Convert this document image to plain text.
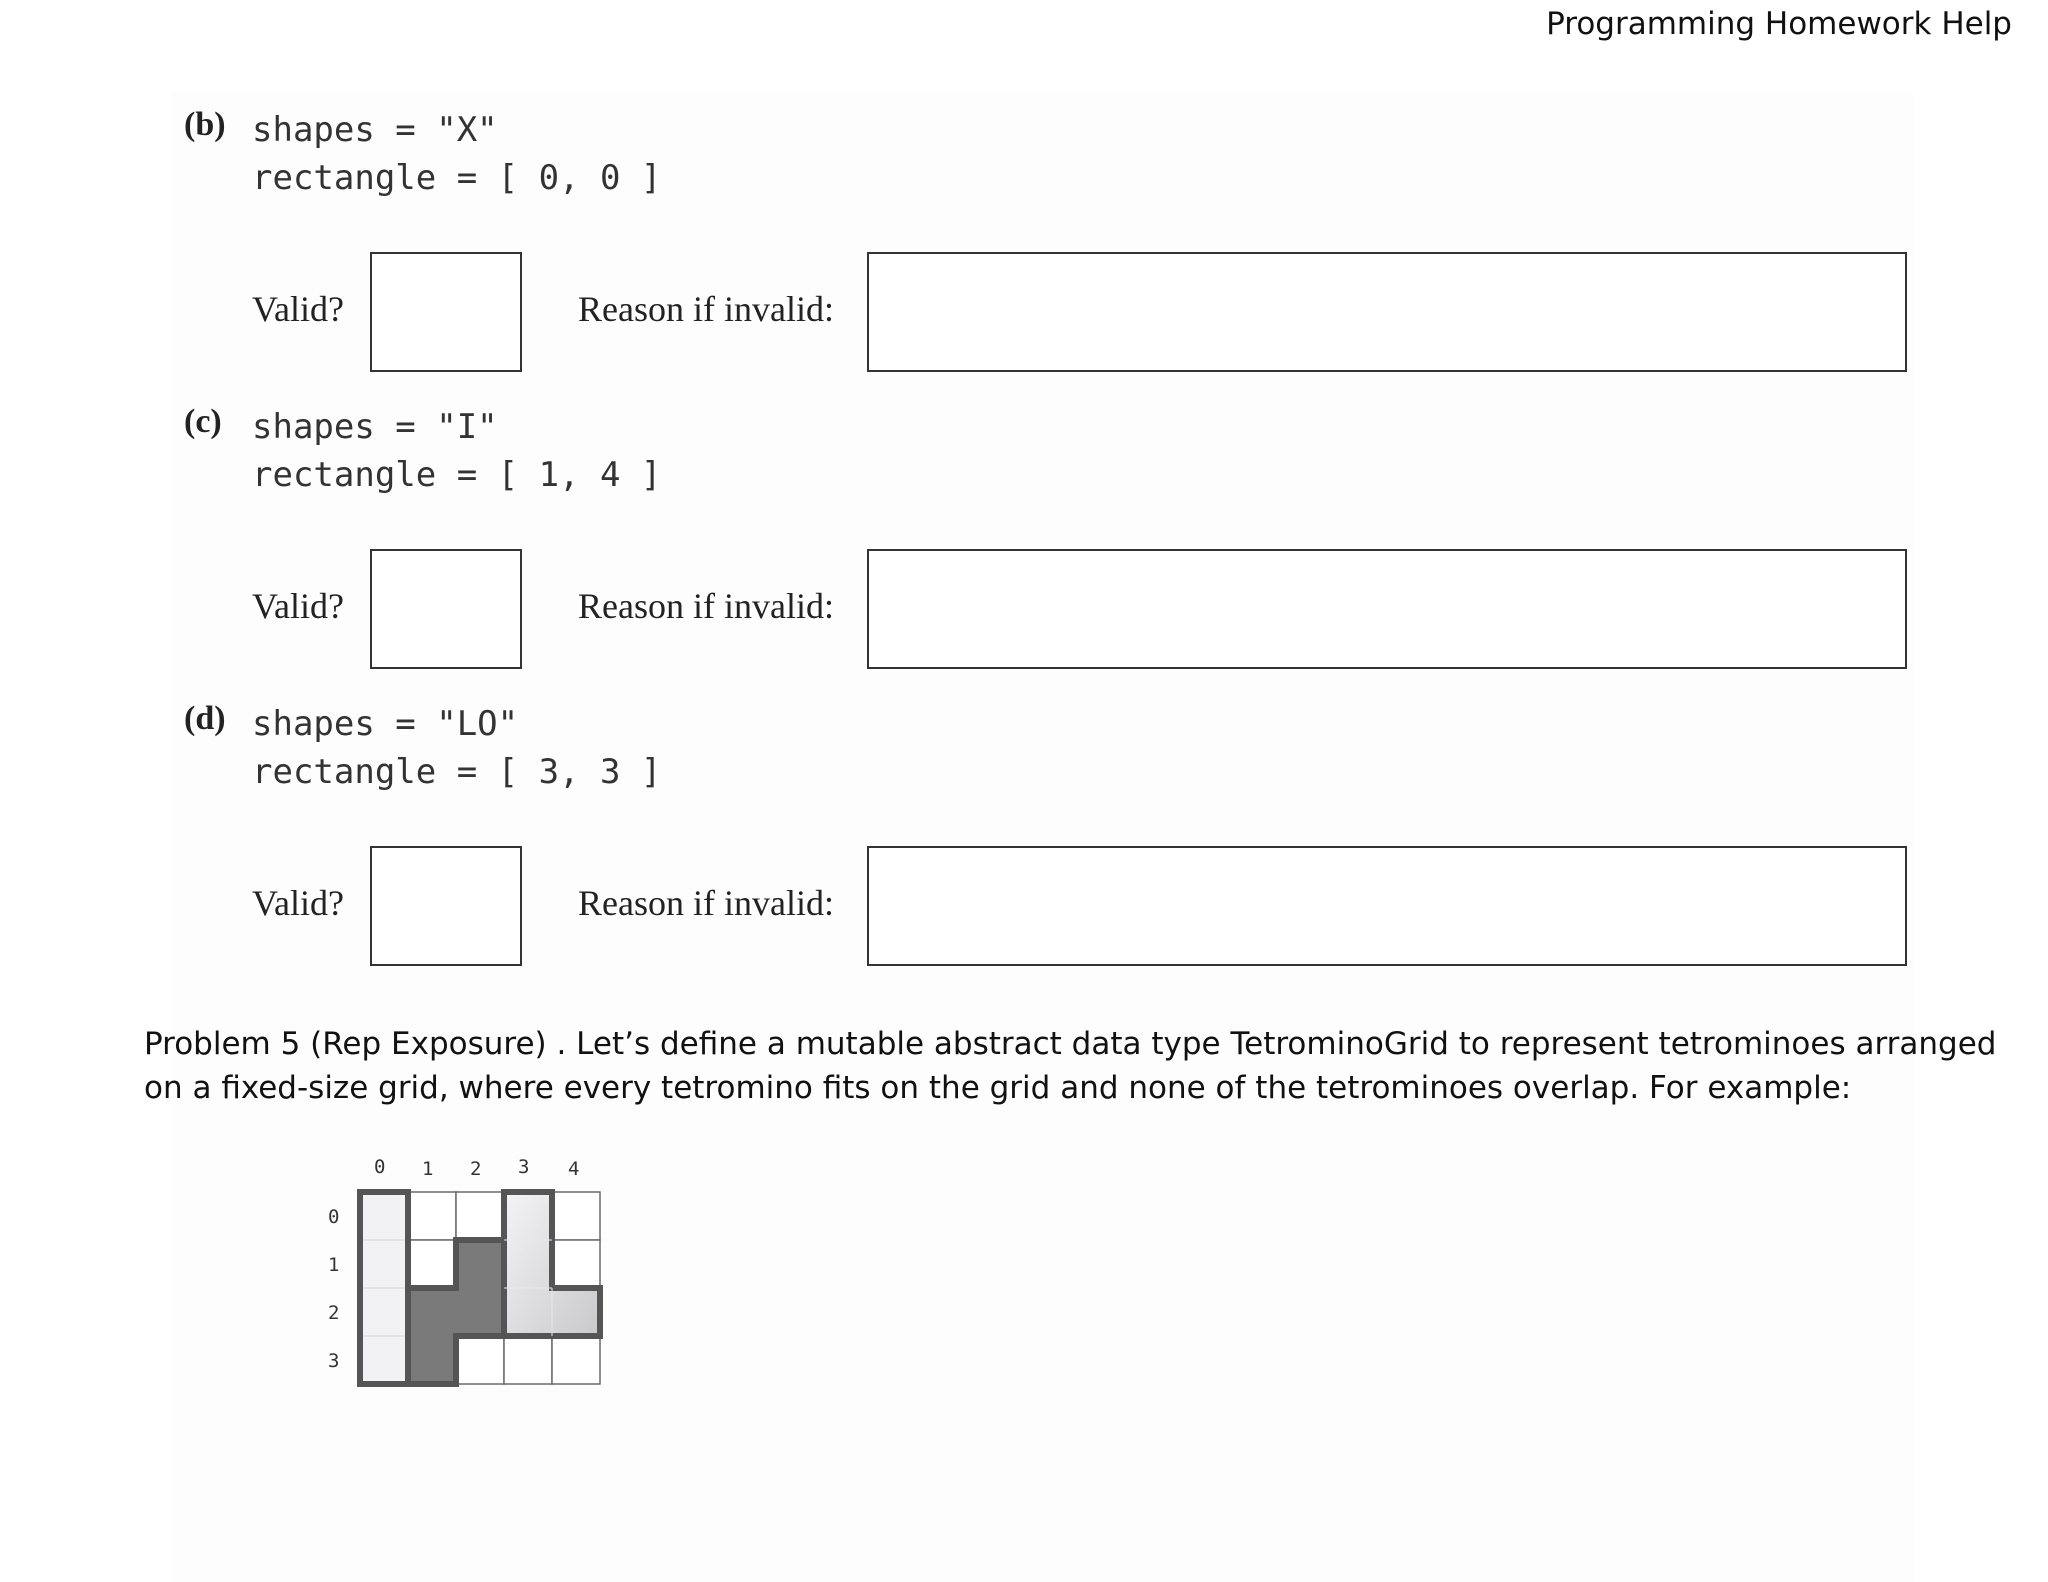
Programming Homework Help
(b) shapes = "X"
rectangle = [ 0, 0 ]
Valid?	Reason if invalid:
(c) shapes = "I"
rectangle = [ 1, 4 ]
Valid?	Reason if invalid:
(d) shapes = "LO"
rectangle = [ 3, 3 ]
Valid?	Reason if invalid:
Problem 5 (Rep Exposure) . Let’s define a mutable abstract data type TetrominoGrid to represent tetrominoes arranged on a fixed-size grid, where every tetromino fits on the grid and none of the tetrominoes overlap. For example:
0 1 2 3 4
0
1
2
3
